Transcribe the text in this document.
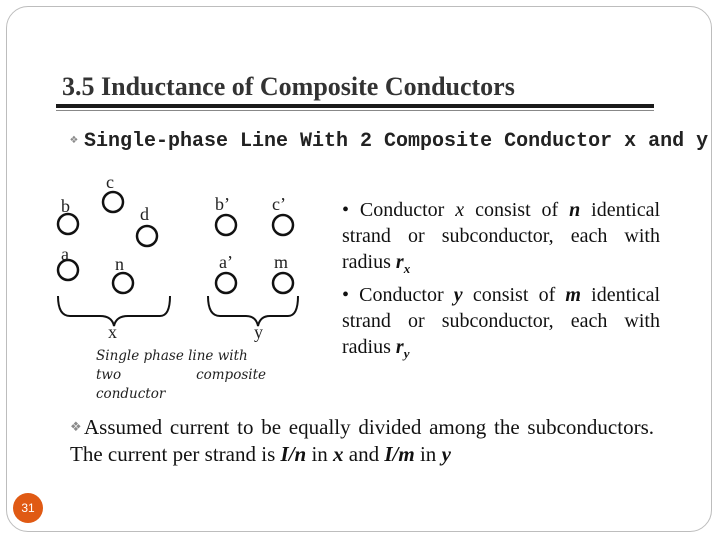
3.5 Inductance of Composite Conductors
❖ Single-phase Line With 2 Composite Conductor x and y
c
b	d
a	n
b’ c’
a’ m
x	y
Single phase line with
two composite
conductor

• Conductor x consist of n identical strand or subconductor, each with radius $r_x$

• Conductor y consist of m identical strand or subconductor, each with radius $r_y$

❖ Assumed current to be equally divided among the subconductors. The current per strand is I/n in x and I/m in y
31
